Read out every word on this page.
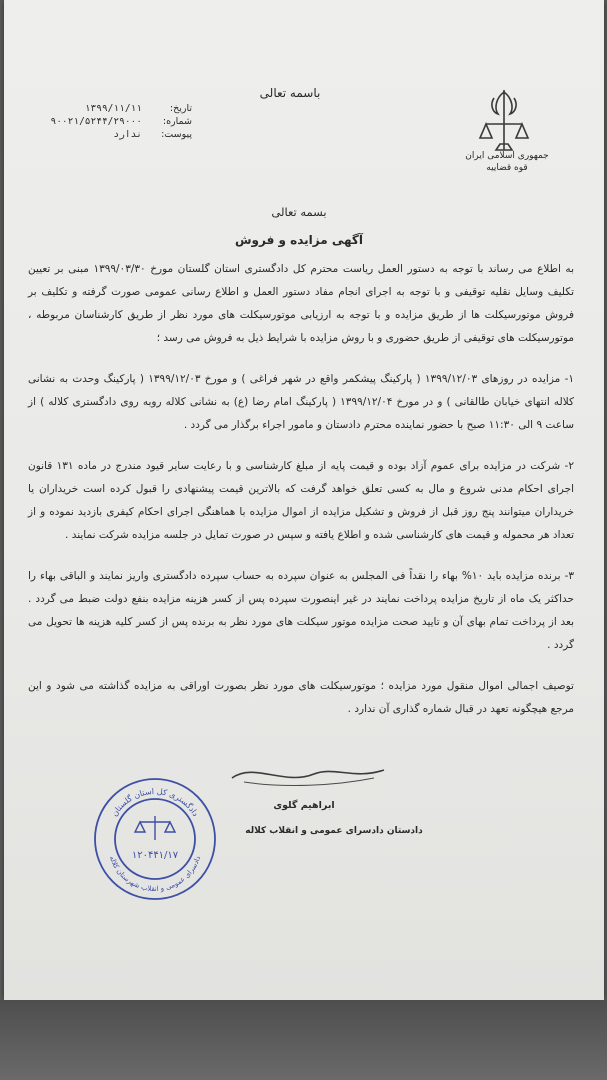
باسمه تعالی
تاریخ:
۱۳۹۹/۱۱/۱۱
شماره:
۹۰۰۲۱/۵۲۴۴/۲۹۰۰۰
پیوست:
ندارد
جمهوری اسلامی ایران
قوه قضاییه
بسمه تعالی
آگهی مزایده و فروش

به اطلاع می رساند با توجه به دستور العمل ریاست محترم کل دادگستری استان گلستان مورخ ۱۳۹۹/۰۳/۳۰ مبنی بر تعیین تکلیف وسایل نقلیه توقیفی و با توجه به اجرای انجام مفاد دستور العمل و اطلاع رسانی عمومی صورت گرفته و تکلیف بر فروش موتورسیکلت ها از طریق مزایده و با توجه به ارزیابی موتورسیکلت های مورد نظر از طریق کارشناسان مربوطه ، موتورسیکلت های توقیفی از طریق حضوری و با روش مزایده با شرایط ذیل به فروش می رسد ؛

۱- مزایده در روزهای ۱۳۹۹/۱۲/۰۳ ( پارکینگ پیشکمر واقع در شهر فراغی ) و مورخ ۱۳۹۹/۱۲/۰۳ ( پارکینگ وحدت به نشانی کلاله انتهای خیابان طالقانی ) و در مورخ ۱۳۹۹/۱۲/۰۴ ( پارکینگ امام رضا (ع) به نشانی کلاله روبه روی دادگستری کلاله ) از ساعت ۹ الی ۱۱:۳۰ صبح با حضور نماینده محترم دادستان و مامور اجراء برگذار می گردد .

۲- شرکت در مزایده برای عموم آزاد بوده و قیمت پایه از مبلغ کارشناسی و با رعایت سایر قیود مندرج در ماده ۱۳۱ قانون اجرای احکام مدنی شروع و مال به کسی تعلق خواهد گرفت که بالاترین قیمت پیشنهادی را قبول کرده است خریداران یا خریداران میتوانند پنج روز قبل از فروش و تشکیل مزایده از اموال مزایده با هماهنگی اجرای احکام کیفری بازدید نموده و از تعداد هر محموله و قیمت های کارشناسی شده و اطلاع یافته و سپس در صورت تمایل در جلسه مزایده شرکت نمایند .

۳- برنده مزایده باید ۱۰% بهاء را نقداً فی المجلس به عنوان سپرده به حساب سپرده دادگستری واریز نمایند و الباقی بهاء را حداکثر یک ماه از تاریخ مزایده پرداخت نمایند در غیر اینصورت سپرده پس از کسر هزینه مزایده بنفع دولت ضبط می گردد . بعد از پرداخت تمام بهای آن و تایید صحت مزایده موتور سیکلت های مورد نظر به برنده پس از کسر کلیه هزینه ها تحویل می گردد .

توصیف اجمالی اموال منقول مورد مزایده ؛ موتورسیکلت های مورد نظر بصورت اوراقی به مزایده گذاشته می شود و این مرجع هیچگونه تعهد در قبال شماره گذاری آن ندارد .

ابراهیم گلوی
دادستان دادسرای عمومی و انقلاب کلاله
دادگستری کل استان گلستان
دادسرای عمومی و انقلاب شهرستان کلاله
۱۲۰۴۴۱/۱۷
